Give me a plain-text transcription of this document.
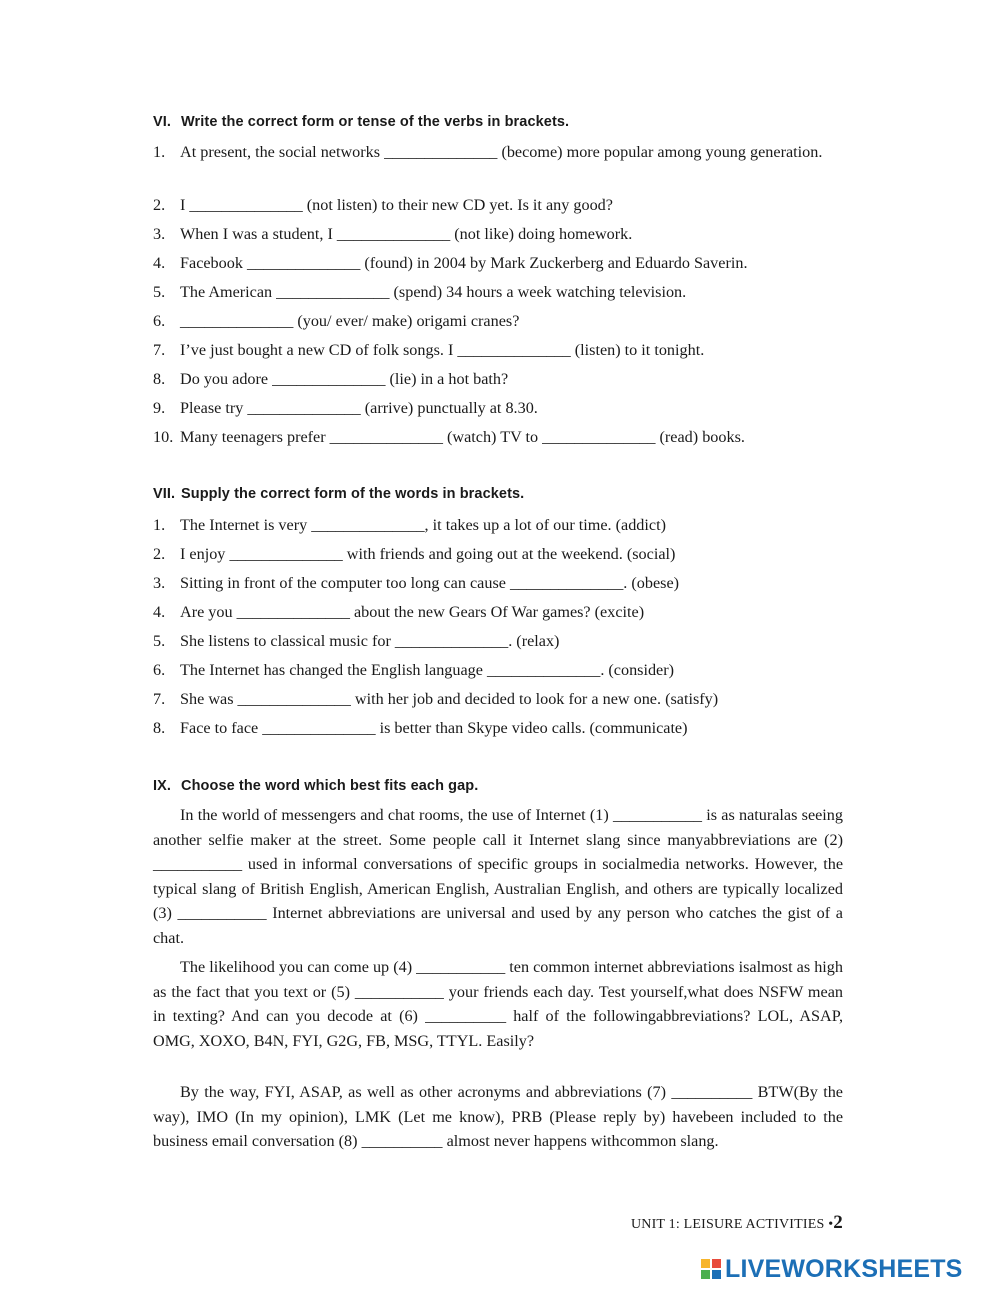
VI. Write the correct form or tense of the verbs in brackets.
1. At present, the social networks ______________ (become) more popular among young generation.
2. I ______________ (not listen) to their new CD yet. Is it any good?
3. When I was a student, I ______________ (not like) doing homework.
4. Facebook ______________ (found) in 2004 by Mark Zuckerberg and Eduardo Saverin.
5. The American ______________ (spend) 34 hours a week watching television.
6. ______________ (you/ ever/ make) origami cranes?
7. I’ve just bought a new CD of folk songs. I ______________ (listen) to it tonight.
8. Do you adore ______________ (lie) in a hot bath?
9. Please try ______________ (arrive) punctually at 8.30.
10. Many teenagers prefer ______________ (watch) TV to ______________ (read) books.
VII. Supply the correct form of the words in brackets.
1. The Internet is very ______________, it takes up a lot of our time. (addict)
2. I enjoy ______________ with friends and going out at the weekend. (social)
3. Sitting in front of the computer too long can cause ______________. (obese)
4. Are you ______________ about the new Gears Of War games? (excite)
5. She listens to classical music for ______________. (relax)
6. The Internet has changed the English language ______________. (consider)
7. She was ______________ with her job and decided to look for a new one. (satisfy)
8. Face to face ______________ is better than Skype video calls. (communicate)
IX. Choose the word which best fits each gap.
In the world of messengers and chat rooms, the use of Internet (1) ___________ is as naturalas seeing another selfie maker at the street. Some people call it Internet slang since manyabbreviations are (2) ___________ used in informal conversations of specific groups in socialmedia networks. However, the typical slang of British English, American English, Australian English, and others are typically localized (3) ___________ Internet abbreviations are universal and used by any person who catches the gist of a chat.
The likelihood you can come up (4) ___________ ten common internet abbreviations isalmost as high as the fact that you text or (5) ___________ your friends each day. Test yourself,what does NSFW mean in texting? And can you decode at (6) __________ half of the followingabbreviations? LOL, ASAP, OMG, XOXO, B4N, FYI, G2G, FB, MSG, TTYL. Easily?
By the way, FYI, ASAP, as well as other acronyms and abbreviations (7) __________ BTW(By the way), IMO (In my opinion), LMK (Let me know), PRB (Please reply by) havebeen included to the business email conversation (8) __________ almost never happens withcommon slang.
UNIT 1: LEISURE ACTIVITIES •2
LIVEWORKSHEETS
